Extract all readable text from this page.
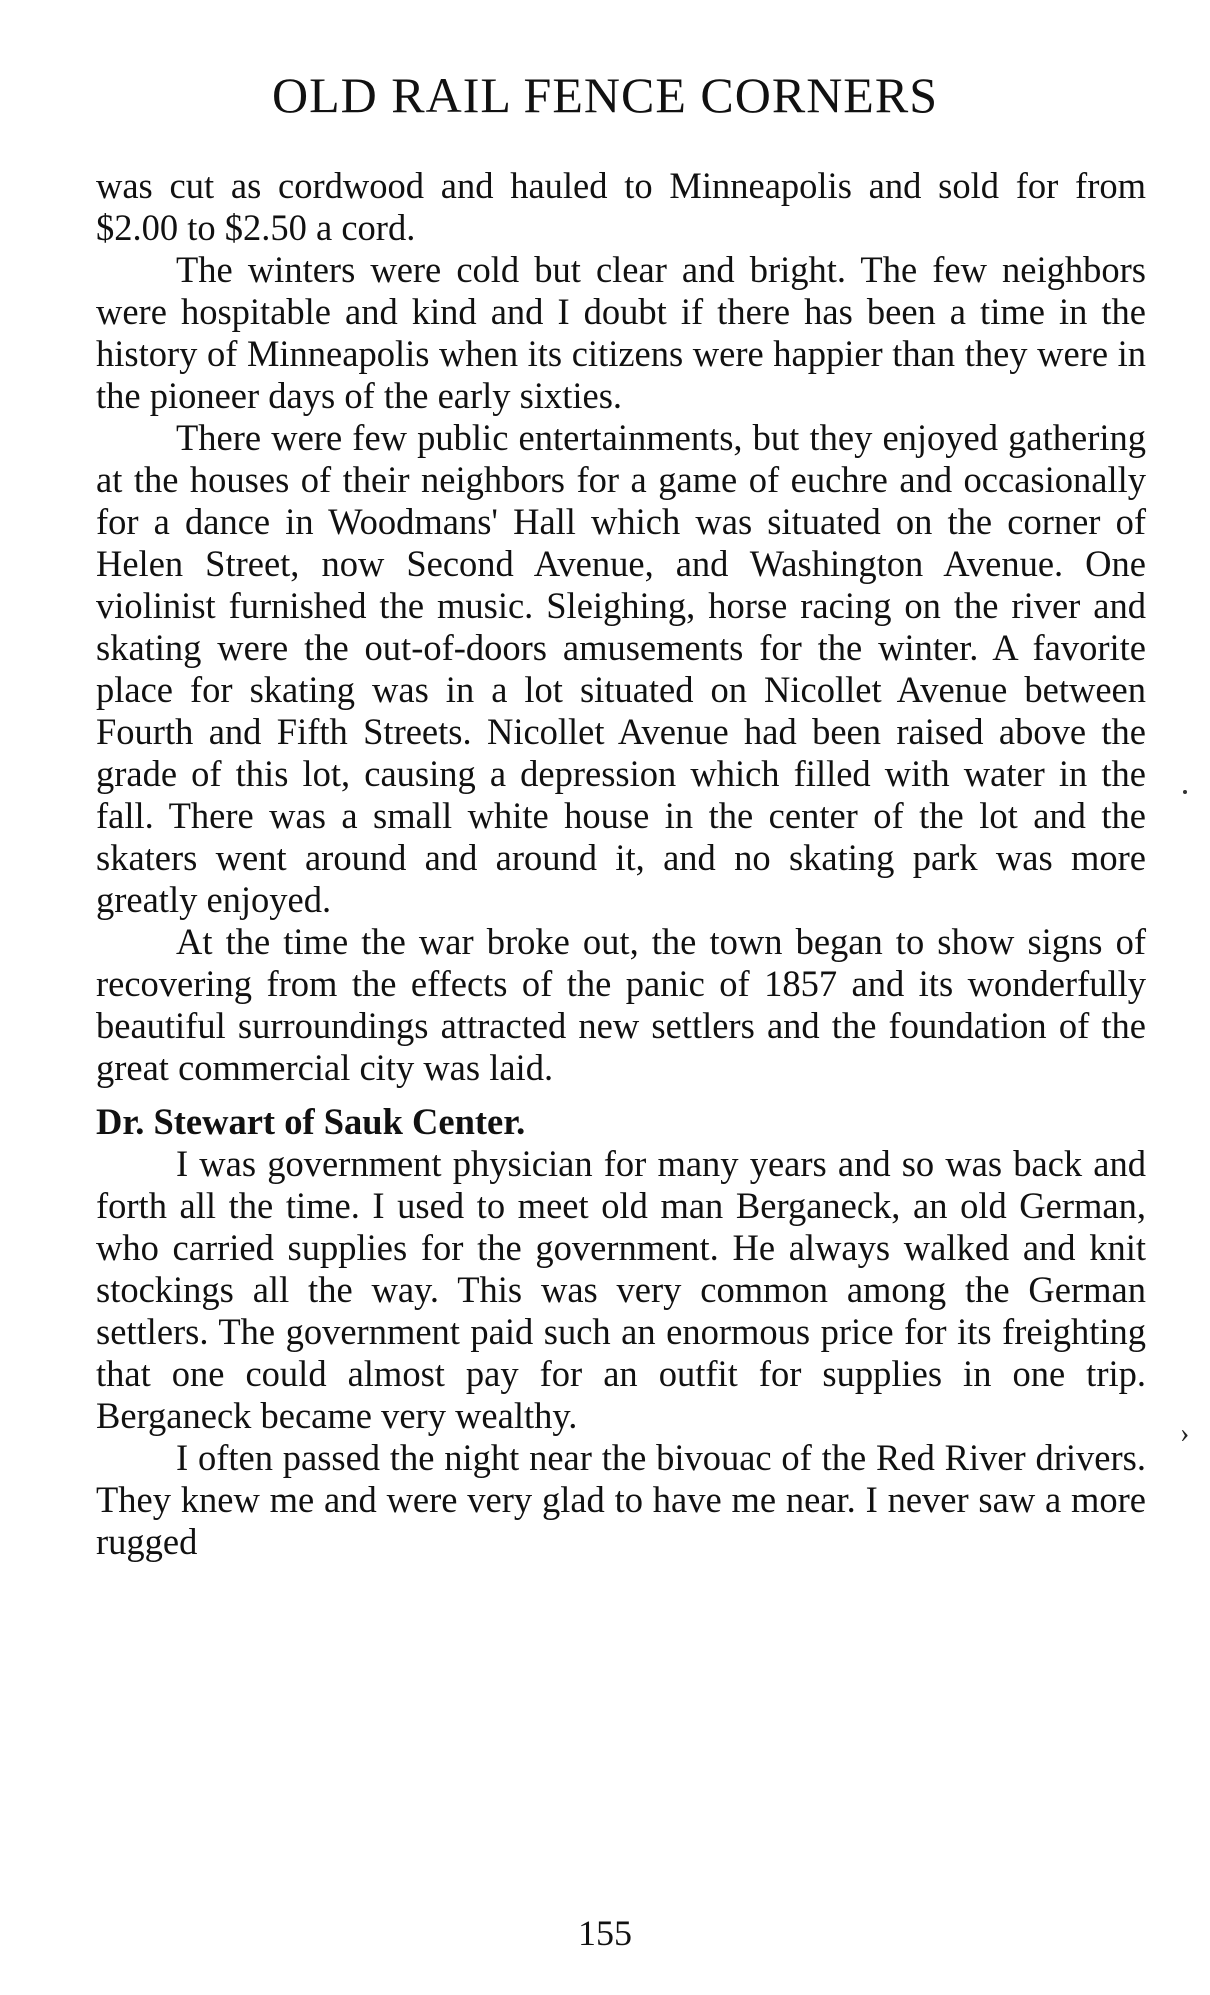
OLD RAIL FENCE CORNERS

was cut as cordwood and hauled to Minneapolis and sold for from $2.00 to $2.50 a cord.

The winters were cold but clear and bright. The few neighbors were hospitable and kind and I doubt if there has been a time in the history of Minneapolis when its citizens were happier than they were in the pioneer days of the early sixties.

There were few public entertainments, but they enjoyed gathering at the houses of their neighbors for a game of euchre and occasionally for a dance in Woodmans' Hall which was situated on the corner of Helen Street, now Second Avenue, and Washington Avenue. One violinist furnished the music. Sleighing, horse racing on the river and skating were the out-of-doors amusements for the winter. A favorite place for skating was in a lot situated on Nicollet Avenue between Fourth and Fifth Streets. Nicollet Avenue had been raised above the grade of this lot, causing a depression which filled with water in the fall. There was a small white house in the center of the lot and the skaters went around and around it, and no skating park was more greatly enjoyed.

At the time the war broke out, the town began to show signs of recovering from the effects of the panic of 1857 and its wonderfully beautiful surroundings attracted new settlers and the foundation of the great commercial city was laid.

Dr. Stewart of Sauk Center.

I was government physician for many years and so was back and forth all the time. I used to meet old man Berganeck, an old German, who carried supplies for the government. He always walked and knit stockings all the way. This was very common among the German settlers. The government paid such an enormous price for its freighting that one could almost pay for an outfit for supplies in one trip. Berganeck became very wealthy.

I often passed the night near the bivouac of the Red River drivers. They knew me and were very glad to have me near. I never saw a more rugged

155
›
